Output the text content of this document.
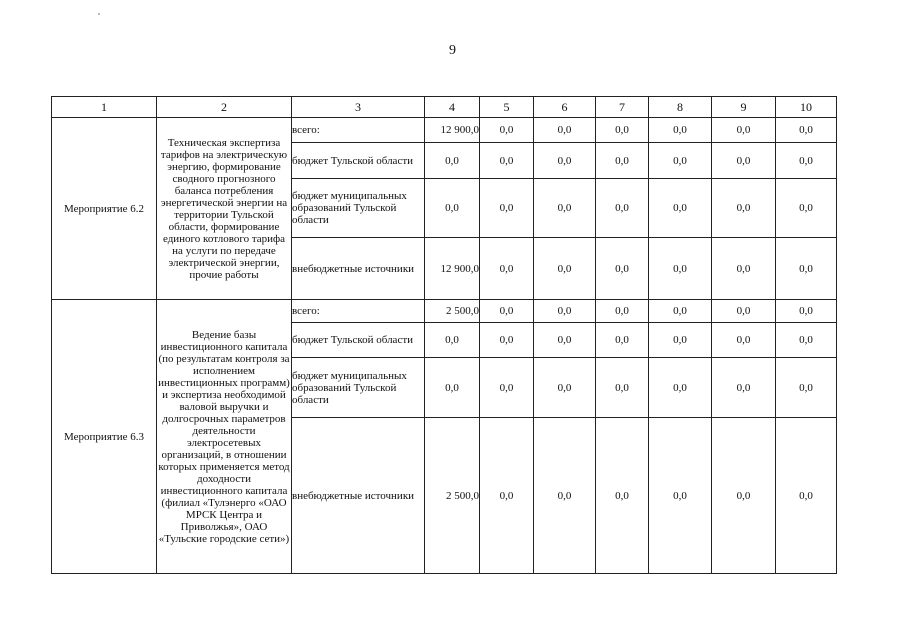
9
1	2	3	4	5	6	7	8	9	10
Мероприятие 6.2	Техническая экспертиза тарифов на электрическую энергию, формирование сводного прогнозного баланса потребления энергетической энергии на территории Тульской области, формирование единого котлового тарифа на услуги по передаче электрической энергии, прочие работы	всего:	12 900,0	0,0	0,0	0,0	0,0	0,0	0,0
		бюджет Тульской области	0,0	0,0	0,0	0,0	0,0	0,0	0,0
		бюджет муниципальных образований Тульской области	0,0	0,0	0,0	0,0	0,0	0,0	0,0
		внебюджетные источники	12 900,0	0,0	0,0	0,0	0,0	0,0	0,0
Мероприятие 6.3	Ведение базы инвестиционного капитала (по результатам контроля за исполнением инвестиционных программ) и экспертиза необходимой валовой выручки и долгосрочных параметров деятельности электросетевых организаций, в отношении которых применяется метод доходности инвестиционного капитала (филиал «Тулэнерго «ОАО МРСК Центра и Приволжья», ОАО «Тульские городские сети»)	всего:	2 500,0	0,0	0,0	0,0	0,0	0,0	0,0
		бюджет Тульской области	0,0	0,0	0,0	0,0	0,0	0,0	0,0
		бюджет муниципальных образований Тульской области	0,0	0,0	0,0	0,0	0,0	0,0	0,0
		внебюджетные источники	2 500,0	0,0	0,0	0,0	0,0	0,0	0,0
